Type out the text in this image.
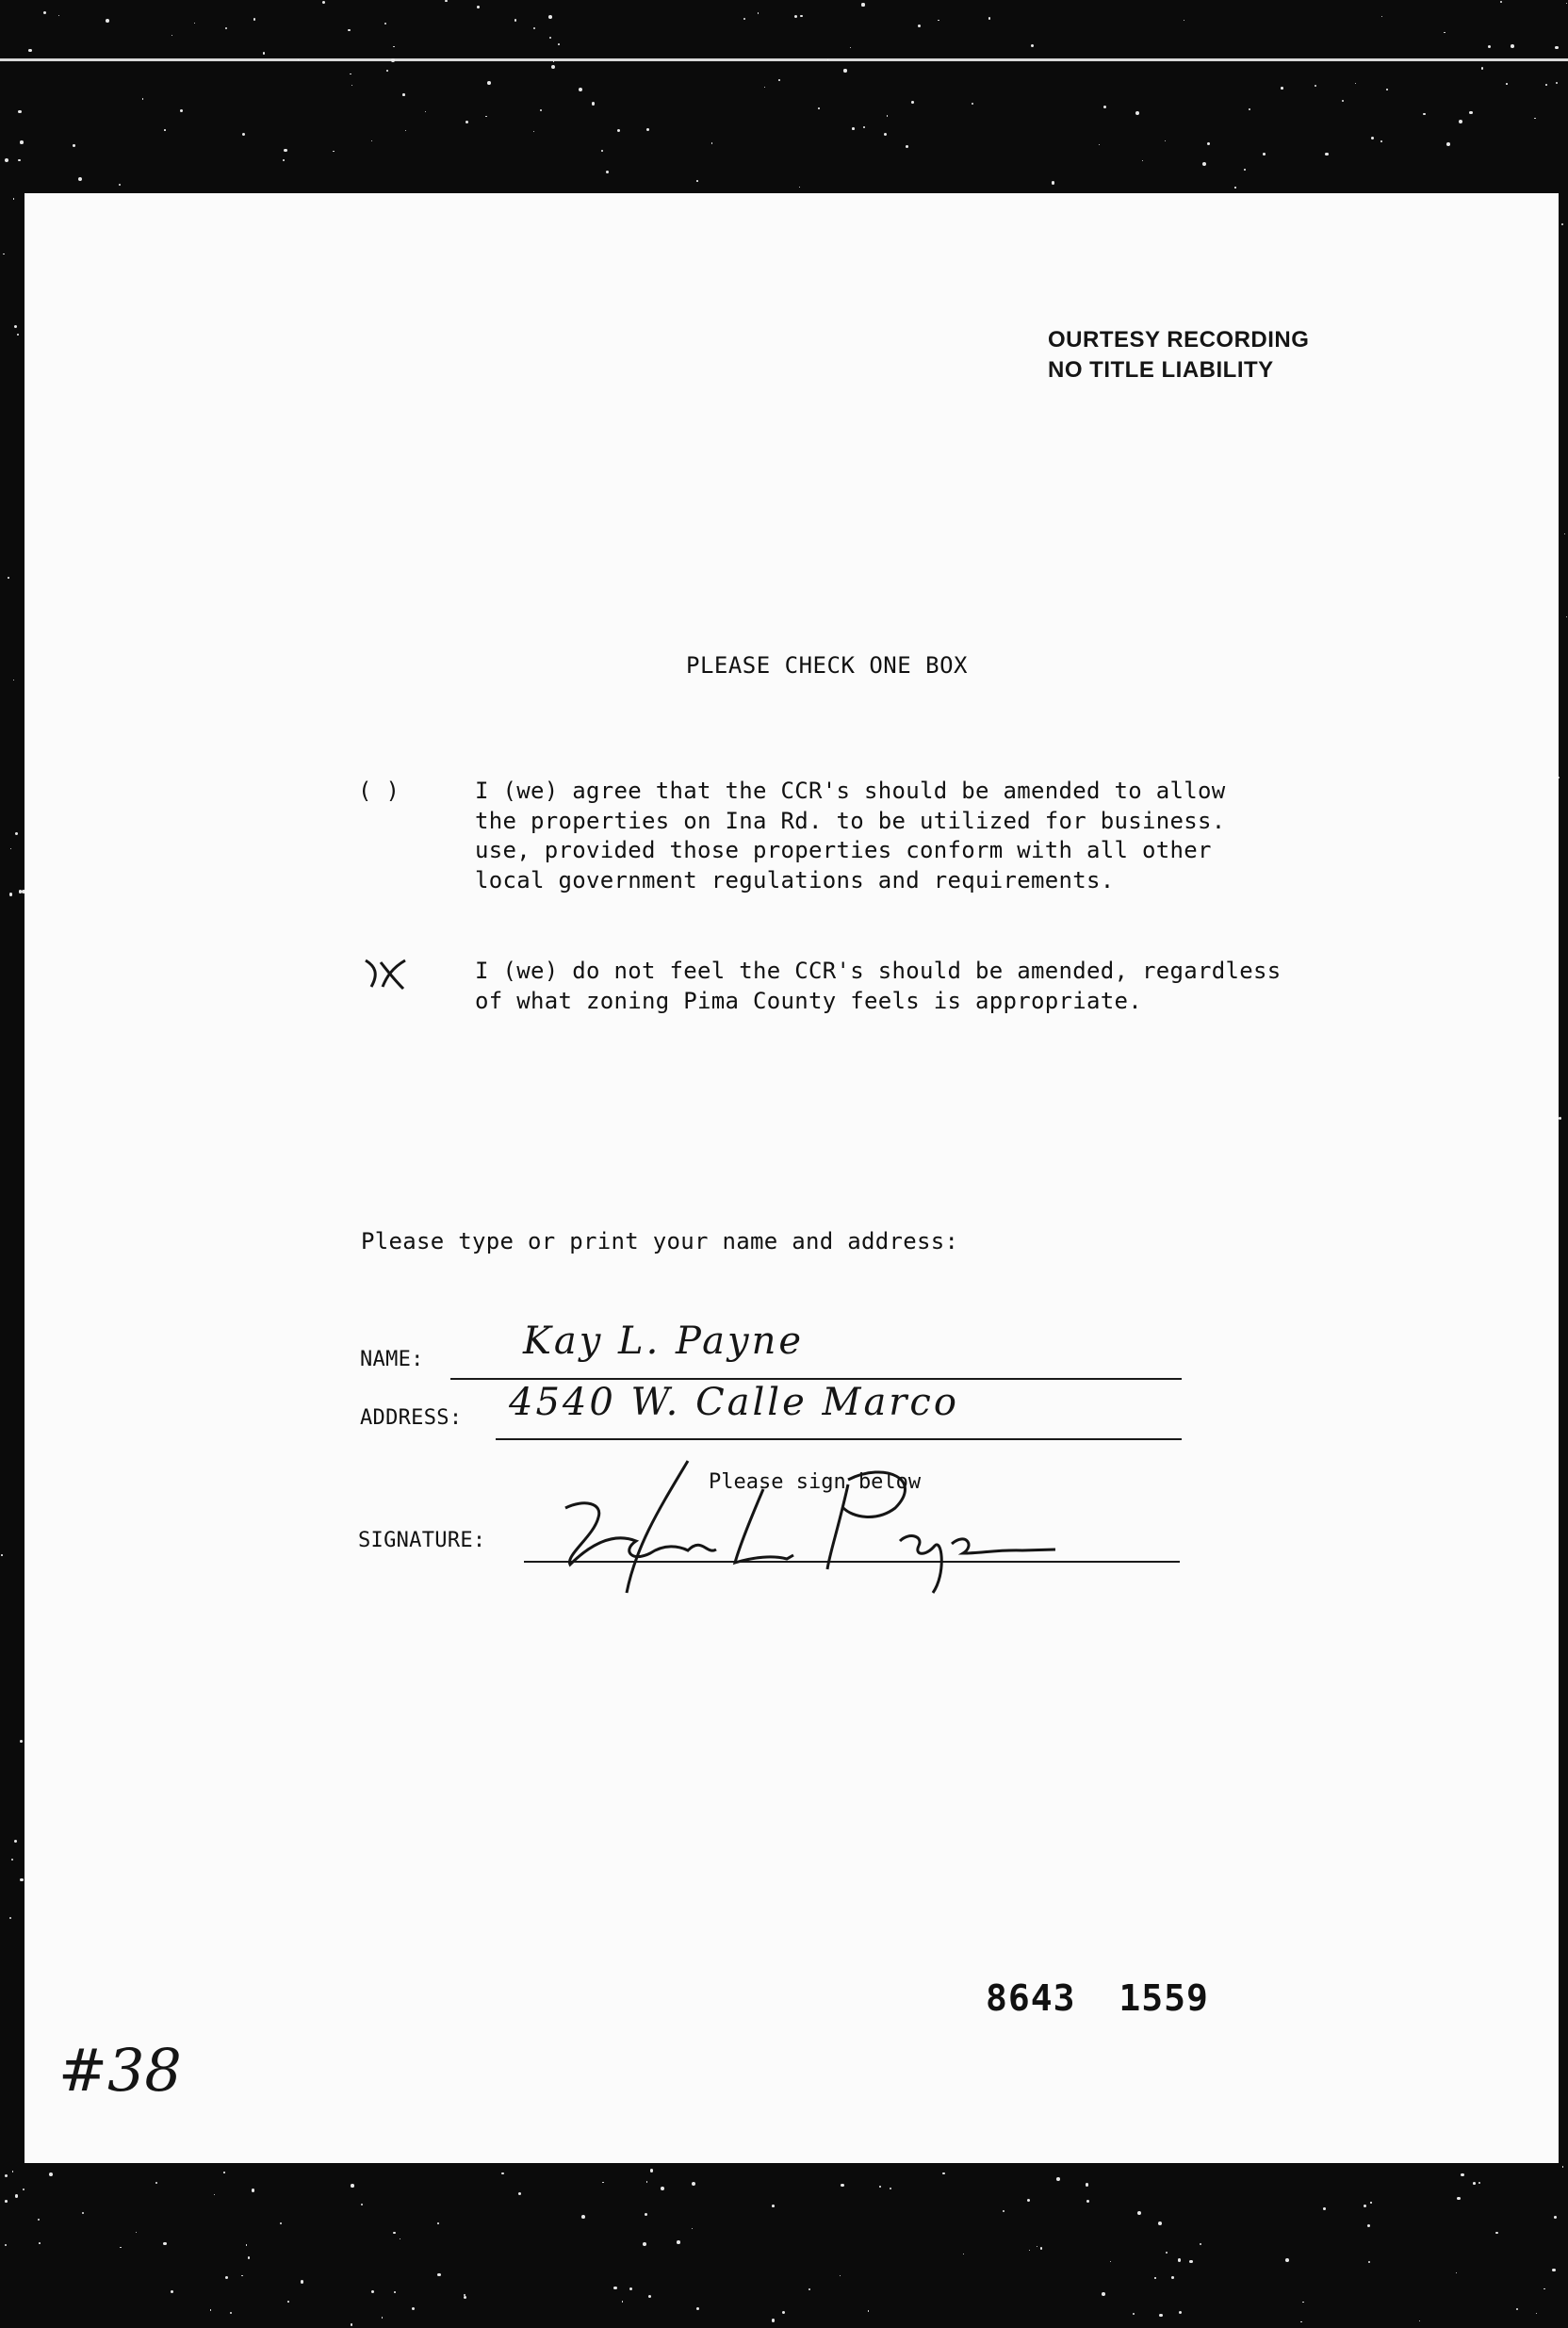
OURTESY RECORDING
NO TITLE LIABILITY
PLEASE CHECK ONE BOX
( )	I (we) agree that the CCR's should be amended to allow
the properties on Ina Rd. to be utilized for business.
use, provided those properties conform with all other
local government regulations and requirements.
I (we) do not feel the CCR's should be amended, regardless
of what zoning Pima County feels is appropriate.
Please type or print your name and address:
NAME:	Kay L. Payne
ADDRESS: 4540 W. Calle Marco
Please sign below
SIGNATURE:
8643 1559
#38
